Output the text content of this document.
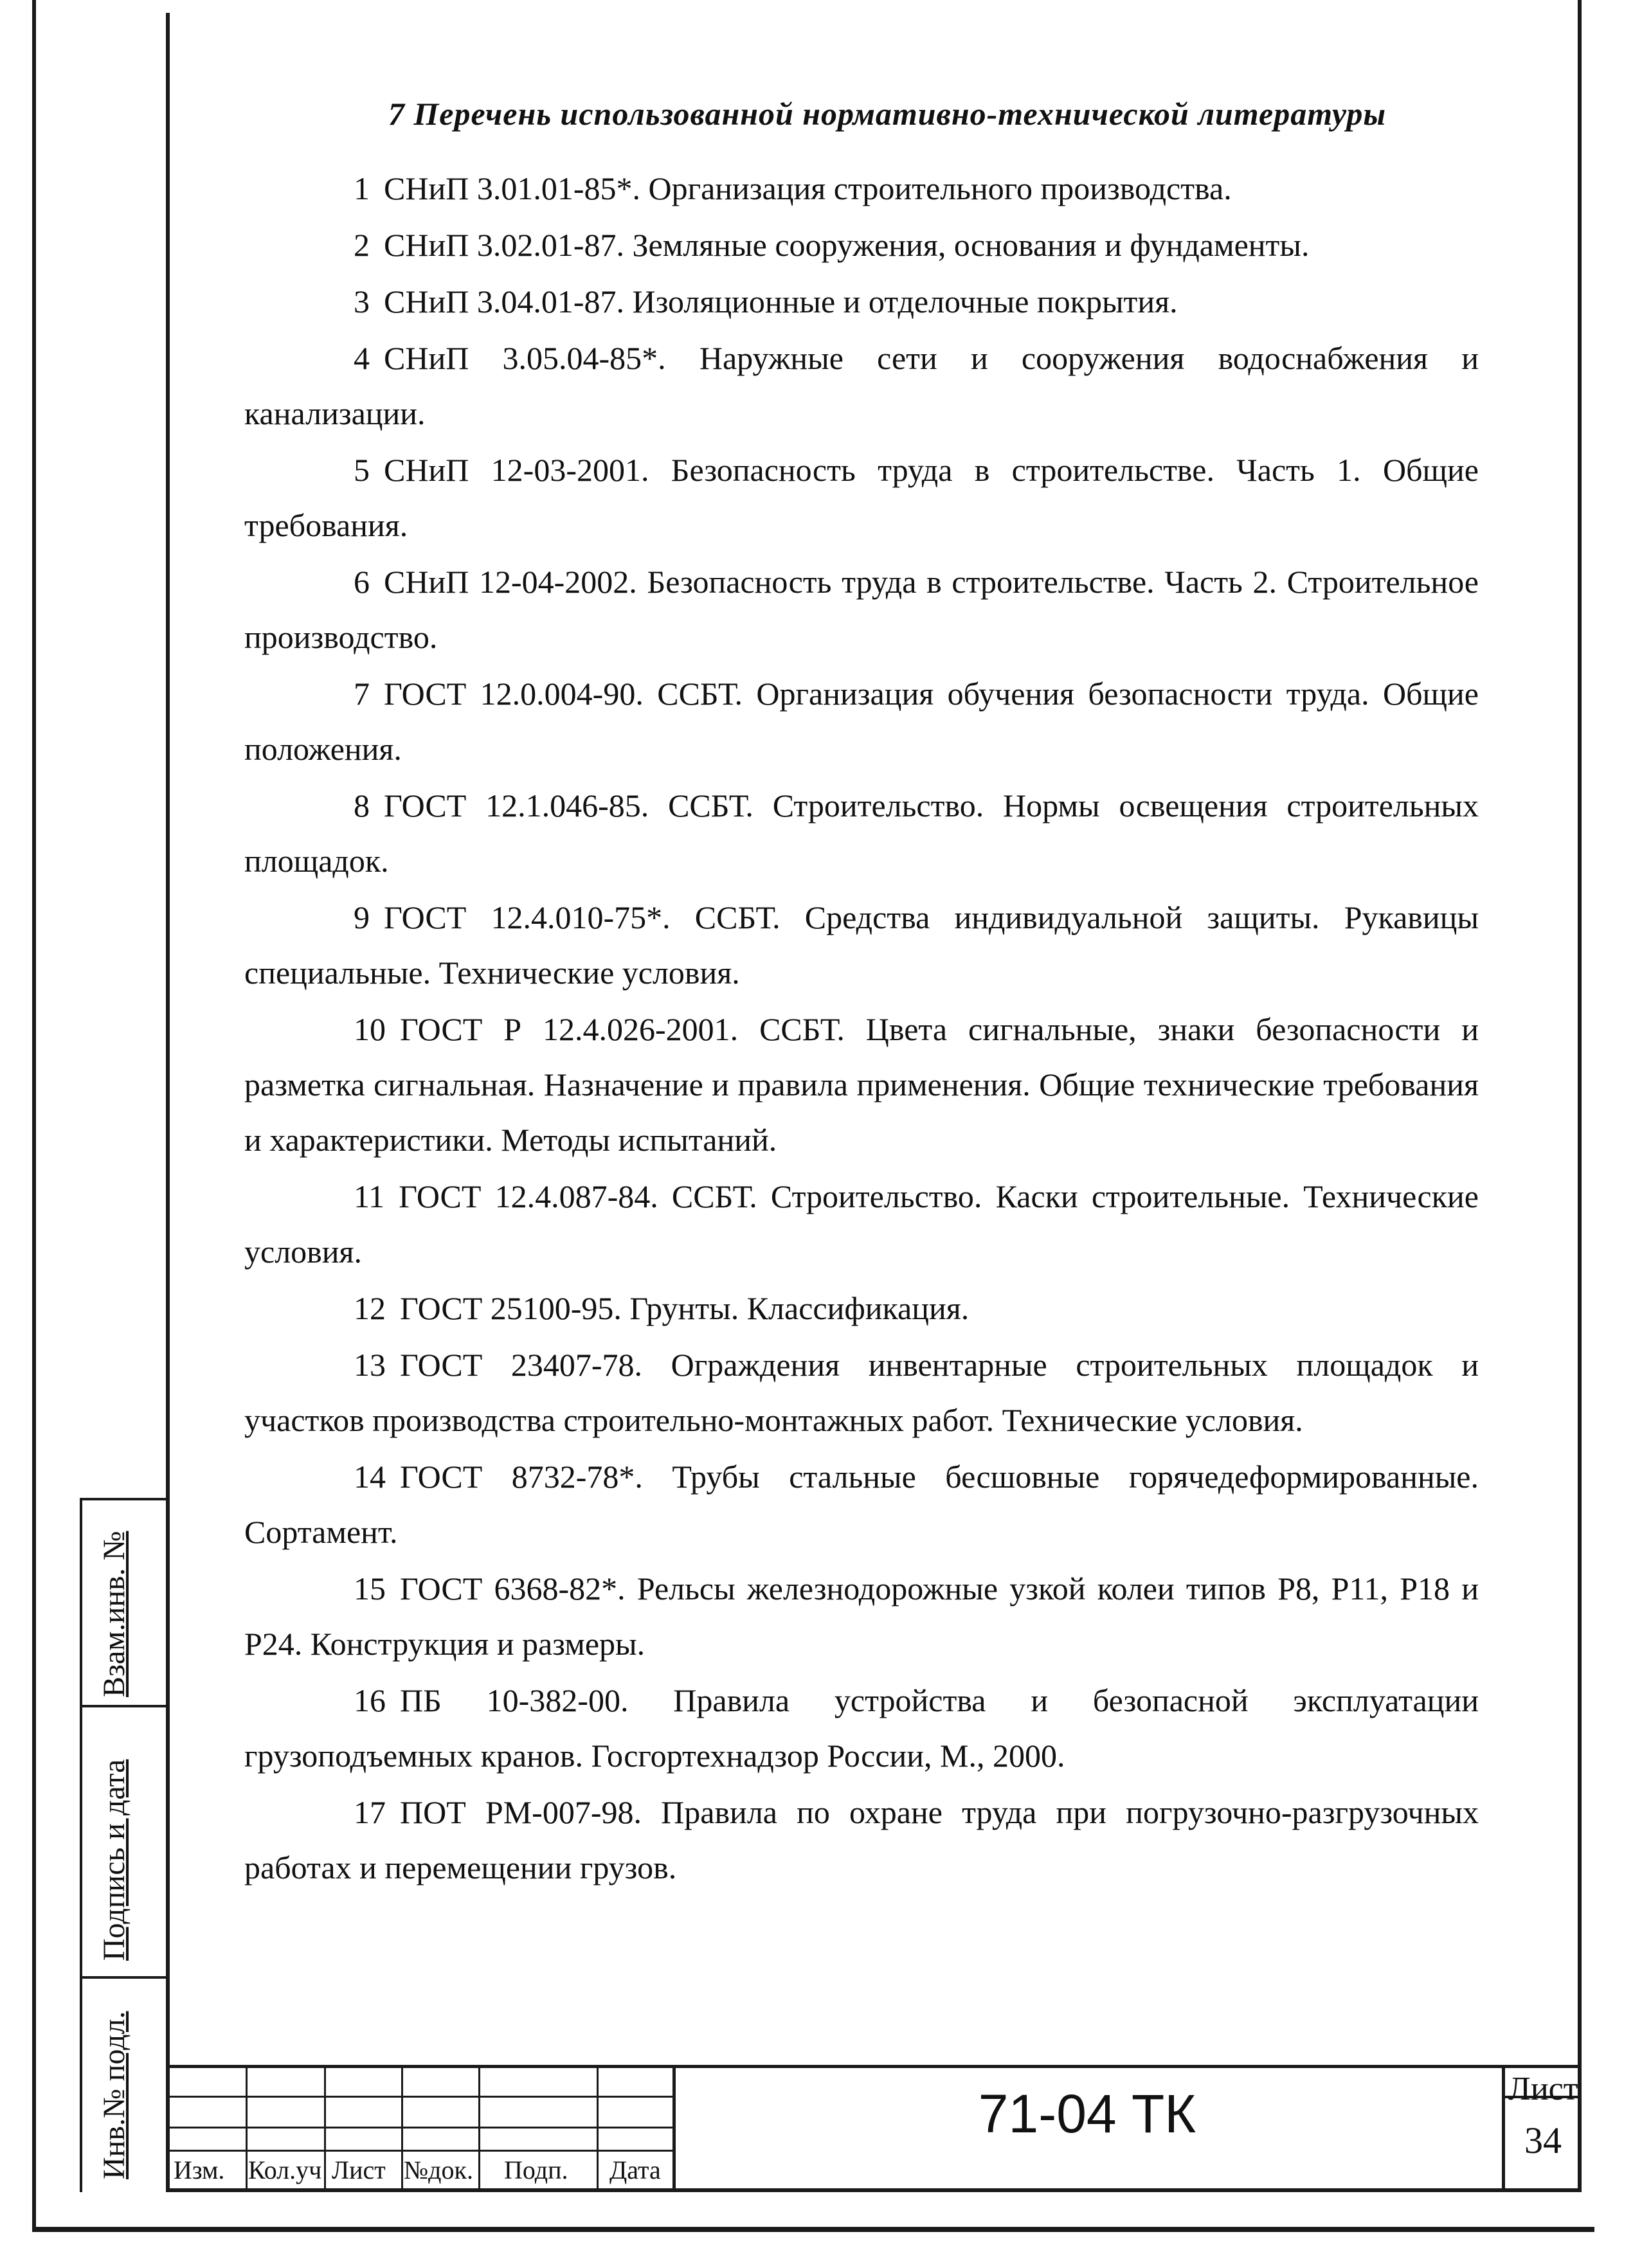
Взам.инв. №
Подпись и дата
Инв.№ подл.
7 Перечень использованной нормативно-технической литературы
1 СНиП 3.01.01-85*. Организация строительного производства.
2 СНиП 3.02.01-87. Земляные сооружения, основания и фундаменты.
3 СНиП 3.04.01-87. Изоляционные и отделочные покрытия.
4 СНиП 3.05.04-85*. Наружные сети и сооружения водоснабжения и канализации.
5 СНиП 12-03-2001. Безопасность труда в строительстве. Часть 1. Общие требования.
6 СНиП 12-04-2002. Безопасность труда в строительстве. Часть 2. Строительное производство.
7 ГОСТ 12.0.004-90. ССБТ. Организация обучения безопасности труда. Общие положения.
8 ГОСТ 12.1.046-85. ССБТ. Строительство. Нормы освещения строительных площадок.
9 ГОСТ 12.4.010-75*. ССБТ. Средства индивидуальной защиты. Рукавицы специальные. Технические условия.
10 ГОСТ Р 12.4.026-2001. ССБТ. Цвета сигнальные, знаки безопасности и разметка сигнальная. Назначение и правила применения. Общие технические требования и характеристики. Методы испытаний.
11 ГОСТ 12.4.087-84. ССБТ. Строительство. Каски строительные. Технические условия.
12 ГОСТ 25100-95. Грунты. Классификация.
13 ГОСТ 23407-78. Ограждения инвентарные строительных площадок и участков производства строительно-монтажных работ. Технические условия.
14 ГОСТ 8732-78*. Трубы стальные бесшовные горячедеформированные. Сортамент.
15 ГОСТ 6368-82*. Рельсы железнодорожные узкой колеи типов Р8, Р11, Р18 и Р24. Конструкция и размеры.
16 ПБ 10-382-00. Правила устройства и безопасной эксплуатации грузоподъемных кранов. Госгортехнадзор России, М., 2000.
17 ПОТ РМ-007-98. Правила по охране труда при погрузочно-разгрузочных работах и перемещении грузов.
Изм. Кол.уч Лист №док. Подп. Дата
71-04 ТК	Лист
34
